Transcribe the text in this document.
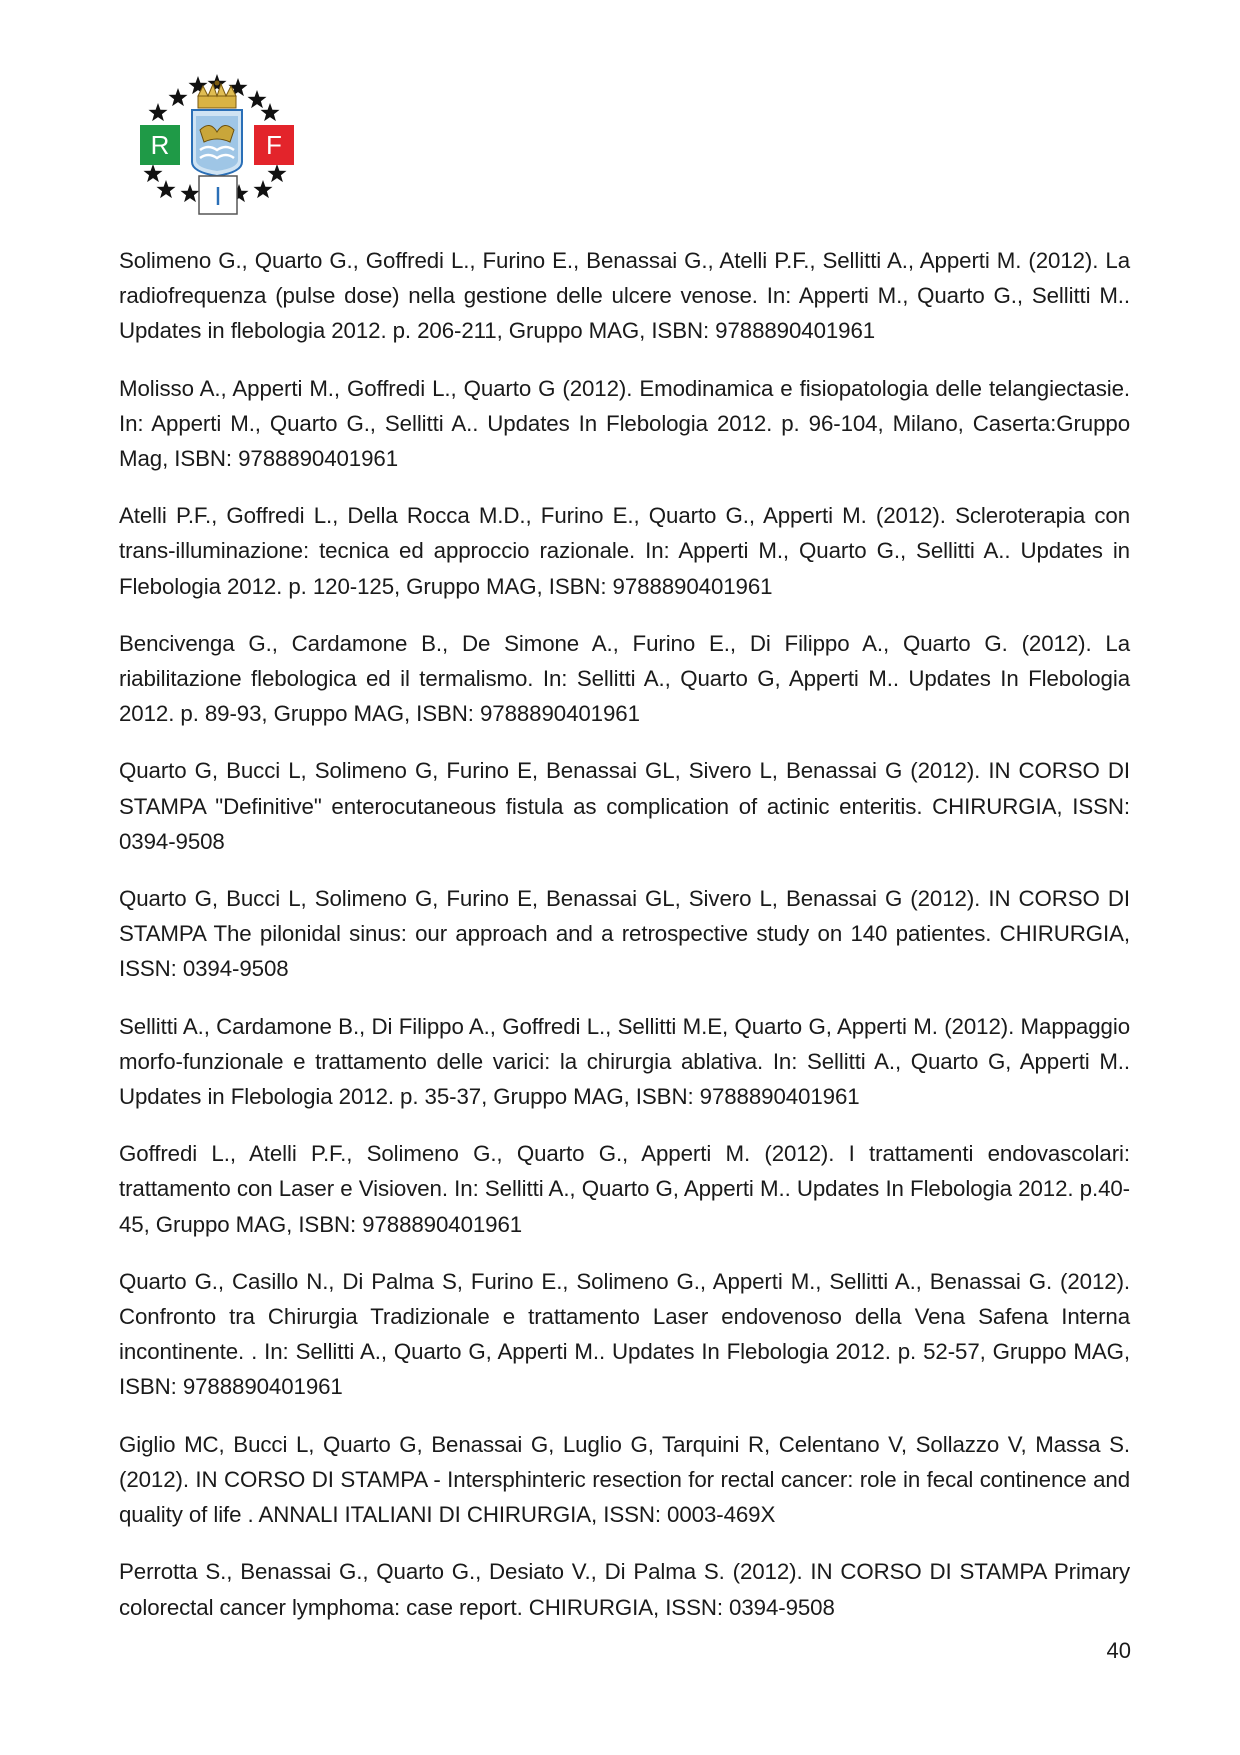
R	F
I

Solimeno G., Quarto G., Goffredi L., Furino E., Benassai G., Atelli P.F., Sellitti A., Apperti M. (2012). La radiofrequenza (pulse dose) nella gestione delle ulcere venose. In: Apperti M., Quarto G., Sellitti M.. Updates in flebologia 2012. p. 206-211, Gruppo MAG, ISBN: 9788890401961

Molisso A., Apperti M., Goffredi L., Quarto G (2012). Emodinamica e fisiopatologia delle telangiectasie. In: Apperti M., Quarto G., Sellitti A.. Updates In Flebologia 2012. p. 96-104, Milano, Caserta:Gruppo Mag, ISBN: 9788890401961

Atelli P.F., Goffredi L., Della Rocca M.D., Furino E., Quarto G., Apperti M. (2012). Scleroterapia con trans-illuminazione: tecnica ed approccio razionale. In: Apperti M., Quarto G., Sellitti A.. Updates in Flebologia 2012. p. 120-125, Gruppo MAG, ISBN: 9788890401961

Bencivenga G., Cardamone B., De Simone A., Furino E., Di Filippo A., Quarto G. (2012). La riabilitazione flebologica ed il termalismo. In: Sellitti A., Quarto G, Apperti M.. Updates In Flebologia 2012. p. 89-93, Gruppo MAG, ISBN: 9788890401961

Quarto G, Bucci L, Solimeno G, Furino E, Benassai GL, Sivero L, Benassai G (2012). IN CORSO DI STAMPA "Definitive" enterocutaneous fistula as complication of actinic enteritis. CHIRURGIA, ISSN: 0394-9508

Quarto G, Bucci L, Solimeno G, Furino E, Benassai GL, Sivero L, Benassai G (2012). IN CORSO DI STAMPA The pilonidal sinus: our approach and a retrospective study on 140 patientes. CHIRURGIA, ISSN: 0394-9508

Sellitti A., Cardamone B., Di Filippo A., Goffredi L., Sellitti M.E, Quarto G, Apperti M. (2012). Mappaggio morfo-funzionale e trattamento delle varici: la chirurgia ablativa. In: Sellitti A., Quarto G, Apperti M.. Updates in Flebologia 2012. p. 35-37, Gruppo MAG, ISBN: 9788890401961

Goffredi L., Atelli P.F., Solimeno G., Quarto G., Apperti M. (2012). I trattamenti endovascolari: trattamento con Laser e Visioven. In: Sellitti A., Quarto G, Apperti M.. Updates In Flebologia 2012. p.40-45, Gruppo MAG, ISBN: 9788890401961

Quarto G., Casillo N., Di Palma S, Furino E., Solimeno G., Apperti M., Sellitti A., Benassai G. (2012). Confronto tra Chirurgia Tradizionale e trattamento Laser endovenoso della Vena Safena Interna incontinente. . In: Sellitti A., Quarto G, Apperti M.. Updates In Flebologia 2012. p. 52-57, Gruppo MAG, ISBN: 9788890401961

Giglio MC, Bucci L, Quarto G, Benassai G, Luglio G, Tarquini R, Celentano V, Sollazzo V, Massa S. (2012). IN CORSO DI STAMPA - Intersphinteric resection for rectal cancer: role in fecal continence and quality of life . ANNALI ITALIANI DI CHIRURGIA, ISSN: 0003-469X

Perrotta S., Benassai G., Quarto G., Desiato V., Di Palma S. (2012). IN CORSO DI STAMPA Primary colorectal cancer lymphoma: case report. CHIRURGIA, ISSN: 0394-9508

40
